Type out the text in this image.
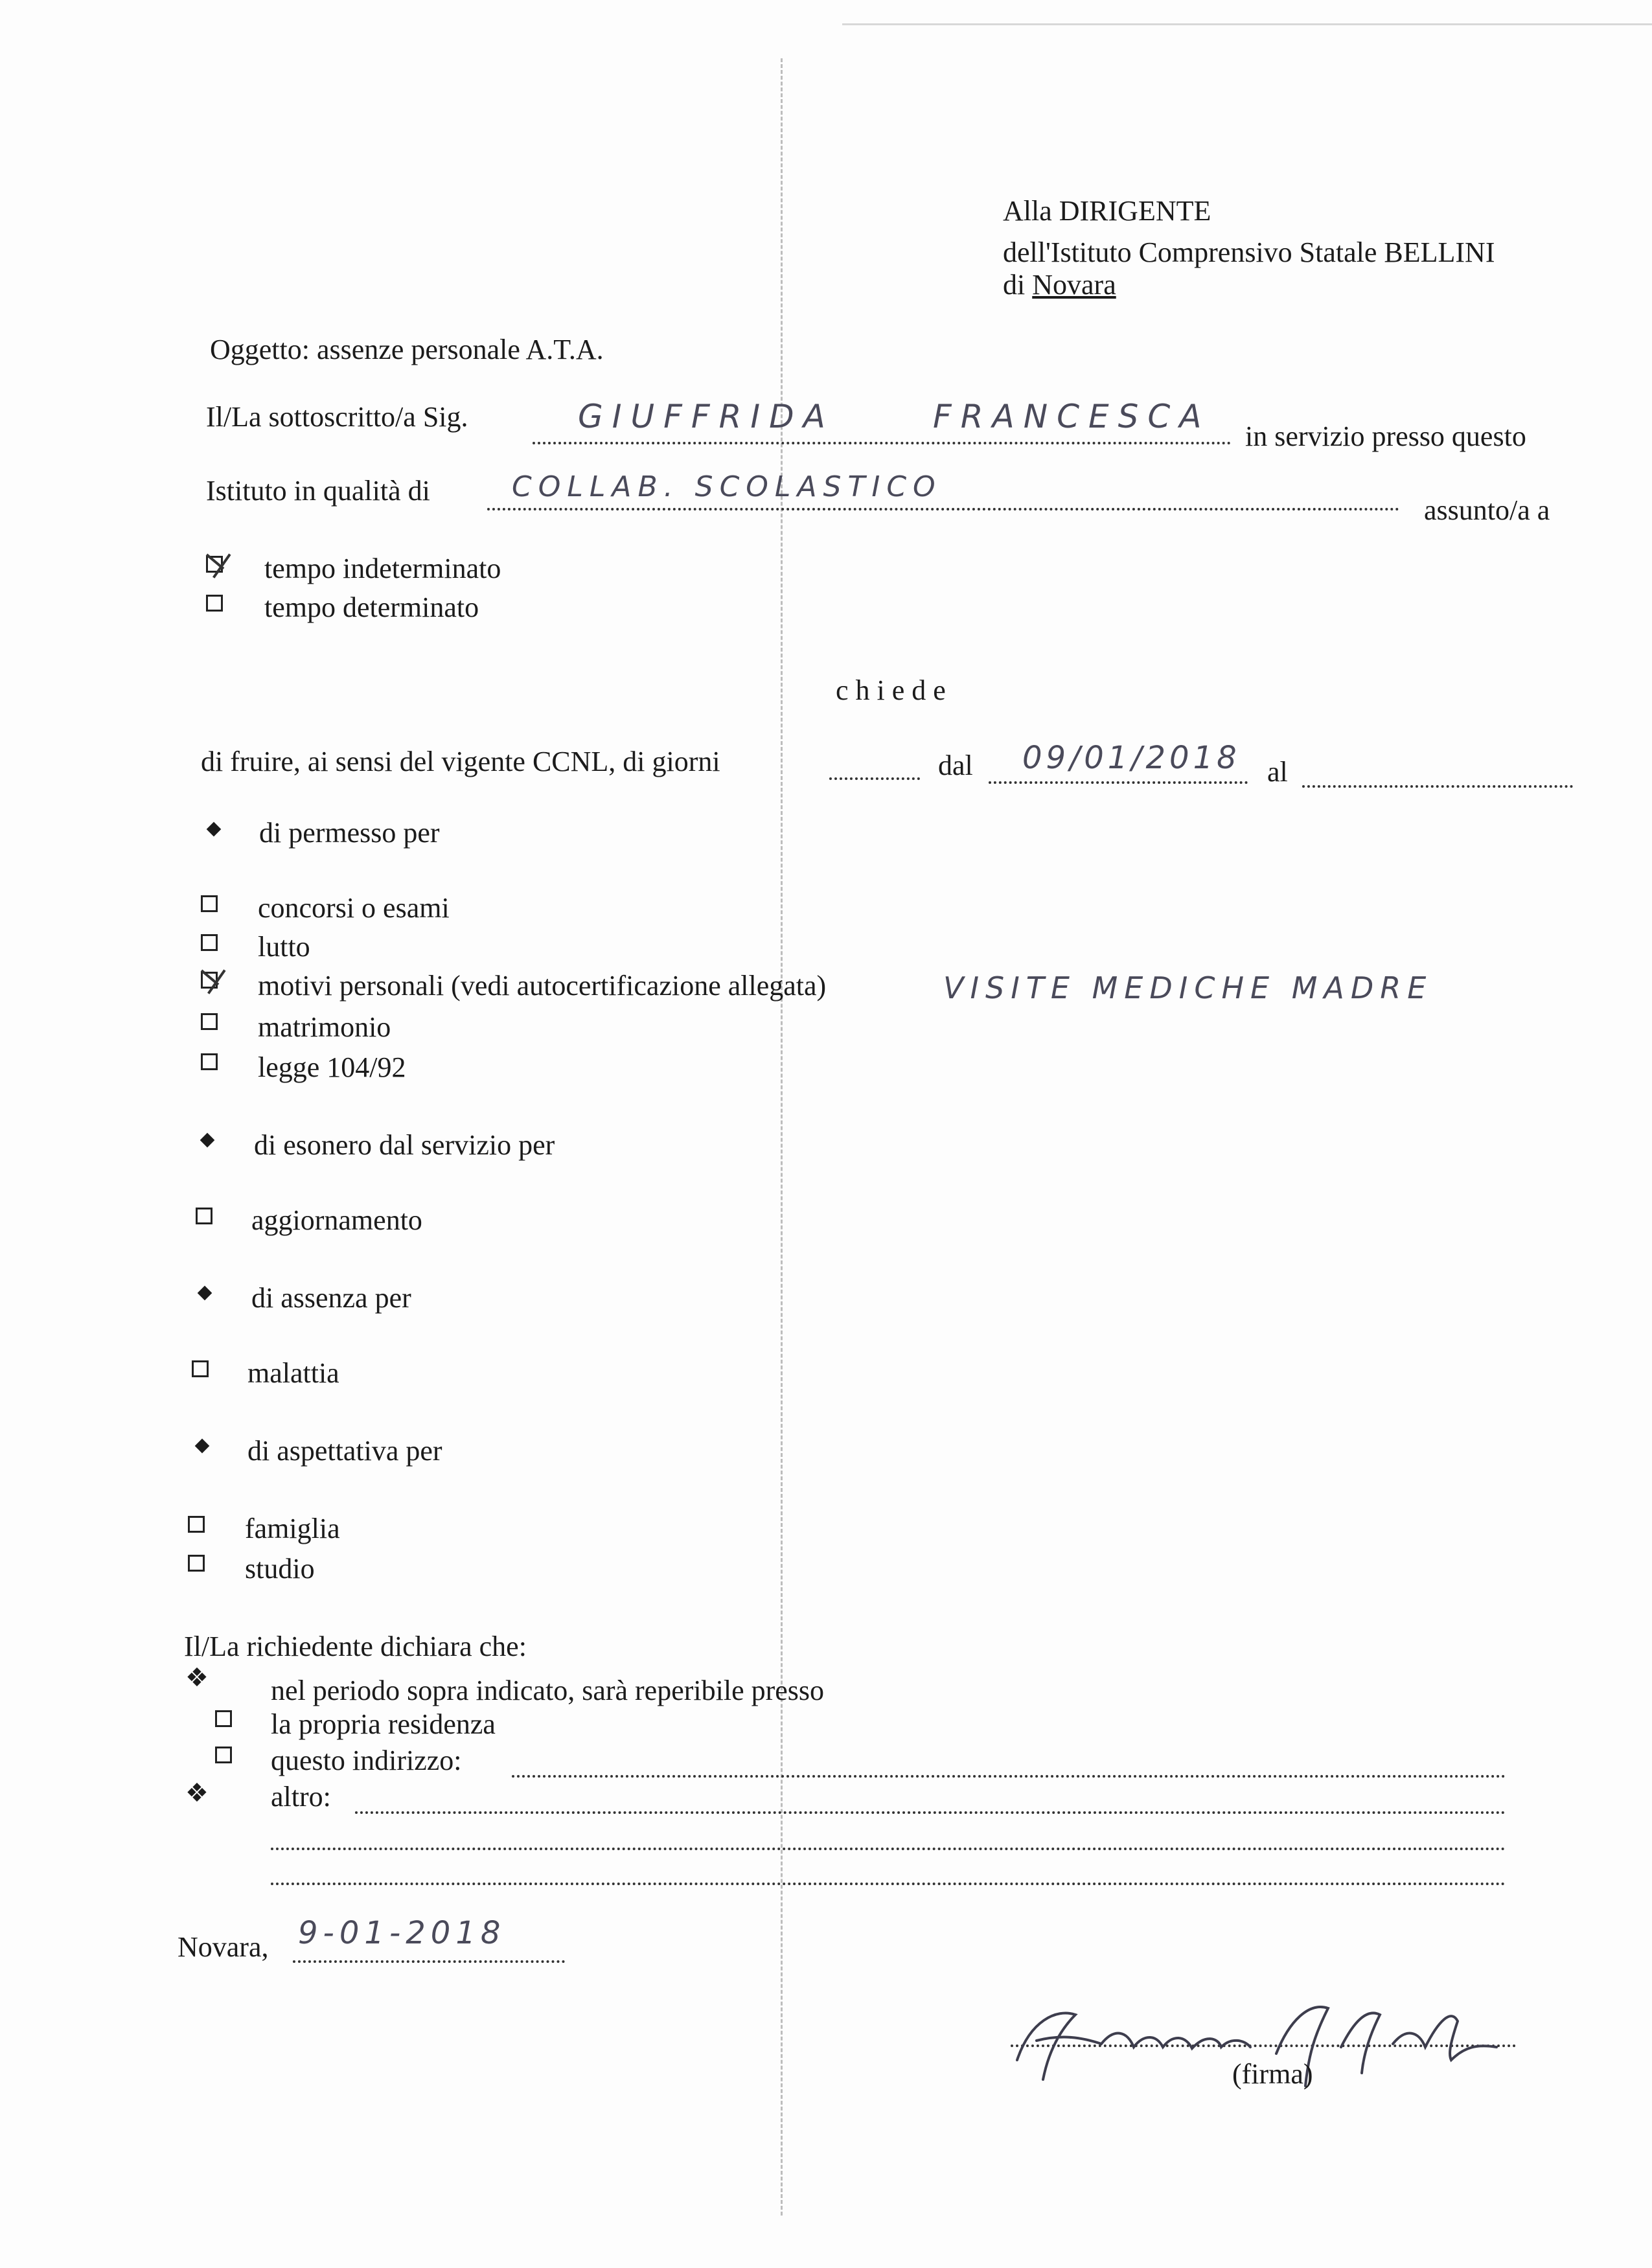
Alla DIRIGENTE
dell'Istituto Comprensivo Statale BELLINI
di Novara
Oggetto: assenze personale A.T.A.
Il/La sottoscritto/a Sig.	GIUFFRIDA	FRANCESCA
in servizio presso questo
Istituto in qualità di	COLLAB. SCOLASTICO
assunto/a a
tempo indeterminato
tempo determinato
c h i e d e
di fruire, ai sensi del vigente CCNL, di giorni	dal 09/01/2018 al
di permesso per
concorsi o esami
lutto
motivi personali (vedi autocertificazione allegata)	VISITE MEDICHE MADRE
matrimonio
legge 104/92
di esonero dal servizio per
aggiornamento
di assenza per
malattia
di aspettativa per
famiglia
studio
Il/La richiedente dichiara che:
❖ nel periodo sopra indicato, sarà reperibile presso
la propria residenza
questo indirizzo:
❖ altro:
Novara, 9-01-2018
(firma)
